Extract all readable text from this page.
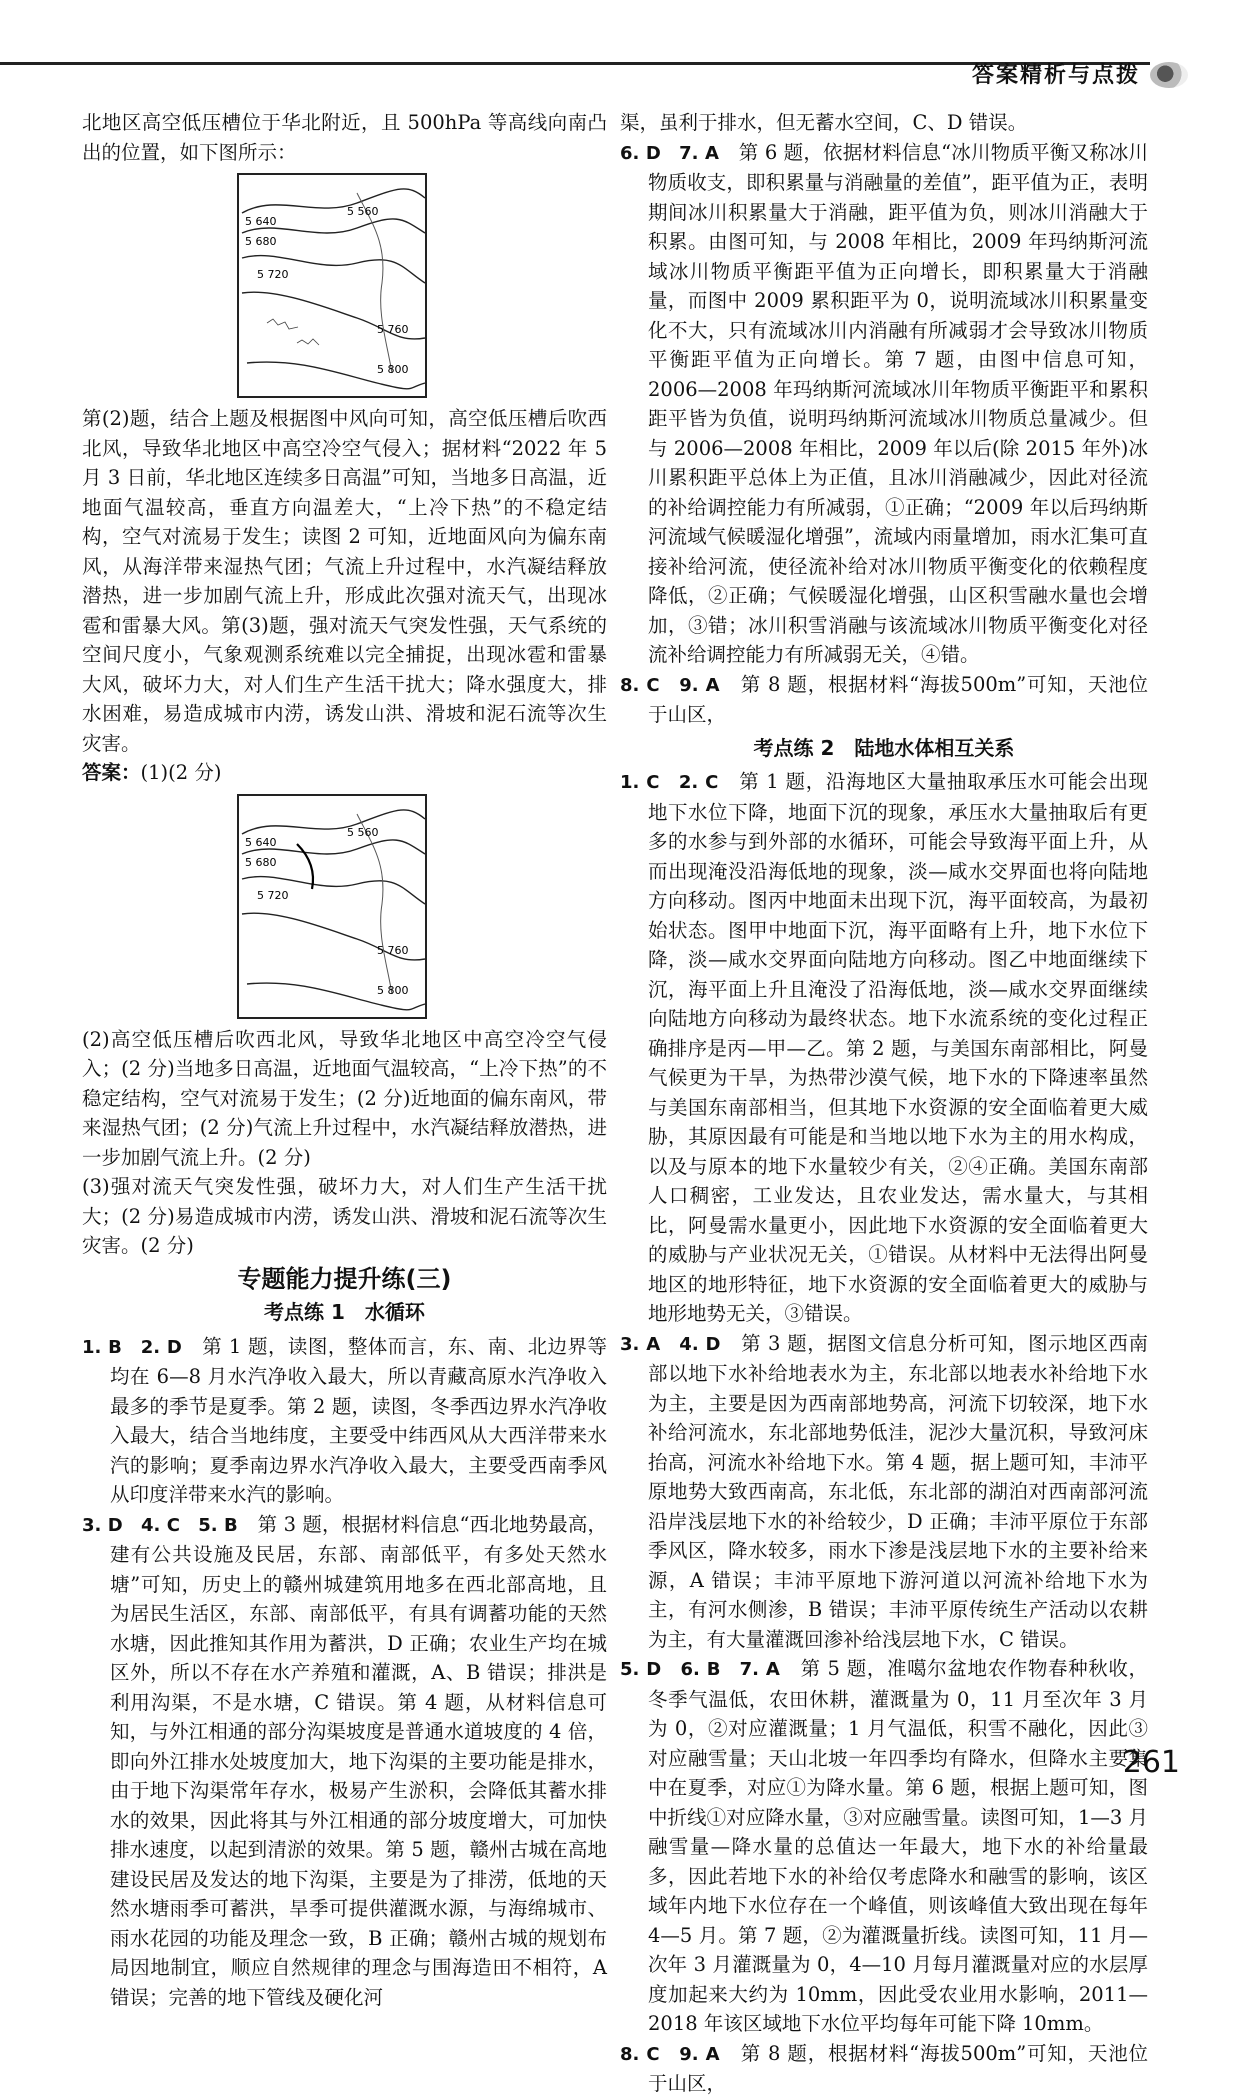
答案精析与点拨

北地区高空低压槽位于华北附近，且 500hPa 等高线向南凸出的位置，如下图所示：

5 640
5 680
5 560
5 720
5 760
5 800

第(2)题，结合上题及根据图中风向可知，高空低压槽后吹西北风，导致华北地区中高空冷空气侵入；据材料“2022 年 5 月 3 日前，华北地区连续多日高温”可知，当地多日高温，近地面气温较高，垂直方向温差大，“上冷下热”的不稳定结构，空气对流易于发生；读图 2 可知，近地面风向为偏东南风，从海洋带来湿热气团；气流上升过程中，水汽凝结释放潜热，进一步加剧气流上升，形成此次强对流天气，出现冰雹和雷暴大风。第(3)题，强对流天气突发性强，天气系统的空间尺度小，气象观测系统难以完全捕捉，出现冰雹和雷暴大风，破坏力大，对人们生产生活干扰大；降水强度大，排水困难，易造成城市内涝，诱发山洪、滑坡和泥石流等次生灾害。

答案：(1)(2 分)

5 640
5 680
5 560
5 720
5 760
5 800

(2)高空低压槽后吹西北风，导致华北地区中高空冷空气侵入；(2 分)当地多日高温，近地面气温较高，“上冷下热”的不稳定结构，空气对流易于发生；(2 分)近地面的偏东南风，带来湿热气团；(2 分)气流上升过程中，水汽凝结释放潜热，进一步加剧气流上升。(2 分)

(3)强对流天气突发性强，破坏力大，对人们生产生活干扰大；(2 分)易造成城市内涝，诱发山洪、滑坡和泥石流等次生灾害。(2 分)

专题能力提升练(三)

考点练 1　水循环

1. B　2. D　 第 1 题，读图，整体而言，东、南、北边界等均在 6—8 月水汽净收入最大，所以青藏高原水汽净收入最多的季节是夏季。第 2 题，读图，冬季西边界水汽净收入最大，结合当地纬度，主要受中纬西风从大西洋带来水汽的影响；夏季南边界水汽净收入最大，主要受西南季风从印度洋带来水汽的影响。

3. D　4. C　5. B　 第 3 题，根据材料信息“西北地势最高，建有公共设施及民居，东部、南部低平，有多处天然水塘”可知，历史上的赣州城建筑用地多在西北部高地，且为居民生活区，东部、南部低平，有具有调蓄功能的天然水塘，因此推知其作用为蓄洪，D 正确；农业生产均在城区外，所以不存在水产养殖和灌溉，A、B 错误；排洪是利用沟渠，不是水塘，C 错误。第 4 题，从材料信息可知，与外江相通的部分沟渠坡度是普通水道坡度的 4 倍，即向外江排水处坡度加大，地下沟渠的主要功能是排水，由于地下沟渠常年存水，极易产生淤积，会降低其蓄水排水的效果，因此将其与外江相通的部分坡度增大，可加快排水速度，以起到清淤的效果。第 5 题，赣州古城在高地建设民居及发达的地下沟渠，主要是为了排涝，低地的天然水塘雨季可蓄洪，旱季可提供灌溉水源，与海绵城市、雨水花园的功能及理念一致，B 正确；赣州古城的规划布局因地制宜，顺应自然规律的理念与围海造田不相符，A 错误；完善的地下管线及硬化河

渠，虽利于排水，但无蓄水空间，C、D 错误。

6. D　7. A　 第 6 题，依据材料信息“冰川物质平衡又称冰川物质收支，即积累量与消融量的差值”，距平值为正，表明期间冰川积累量大于消融，距平值为负，则冰川消融大于积累。由图可知，与 2008 年相比，2009 年玛纳斯河流域冰川物质平衡距平值为正向增长，即积累量大于消融量，而图中 2009 累积距平为 0，说明流域冰川积累量变化不大，只有流域冰川内消融有所减弱才会导致冰川物质平衡距平值为正向增长。第 7 题，由图中信息可知，2006—2008 年玛纳斯河流域冰川年物质平衡距平和累积距平皆为负值，说明玛纳斯河流域冰川物质总量减少。但与 2006—2008 年相比，2009 年以后(除 2015 年外)冰川累积距平总体上为正值，且冰川消融减少，因此对径流的补给调控能力有所减弱，①正确；“2009 年以后玛纳斯河流域气候暖湿化增强”，流域内雨量增加，雨水汇集可直接补给河流，使径流补给对冰川物质平衡变化的依赖程度降低，②正确；气候暖湿化增强，山区积雪融水量也会增加，③错；冰川积雪消融与该流域冰川物质平衡变化对径流补给调控能力有所减弱无关，④错。

8. C　9. A　 第 8 题，根据材料“海拔500m”可知，天池位于山区，

考点练 2　陆地水体相互关系

1. C　2. C　 第 1 题，沿海地区大量抽取承压水可能会出现地下水位下降，地面下沉的现象，承压水大量抽取后有更多的水参与到外部的水循环，可能会导致海平面上升，从而出现淹没沿海低地的现象，淡—咸水交界面也将向陆地方向移动。图丙中地面未出现下沉，海平面较高，为最初始状态。图甲中地面下沉，海平面略有上升，地下水位下降，淡—咸水交界面向陆地方向移动。图乙中地面继续下沉，海平面上升且淹没了沿海低地，淡—咸水交界面继续向陆地方向移动为最终状态。地下水流系统的变化过程正确排序是丙—甲—乙。第 2 题，与美国东南部相比，阿曼气候更为干旱，为热带沙漠气候，地下水的下降速率虽然与美国东南部相当，但其地下水资源的安全面临着更大威胁，其原因最有可能是和当地以地下水为主的用水构成，以及与原本的地下水量较少有关，②④正确。美国东南部人口稠密，工业发达，且农业发达，需水量大，与其相比，阿曼需水量更小，因此地下水资源的安全面临着更大的威胁与产业状况无关，①错误。从材料中无法得出阿曼地区的地形特征，地下水资源的安全面临着更大的威胁与地形地势无关，③错误。

3. A　4. D　 第 3 题，据图文信息分析可知，图示地区西南部以地下水补给地表水为主，东北部以地表水补给地下水为主，主要是因为西南部地势高，河流下切较深，地下水补给河流水，东北部地势低洼，泥沙大量沉积，导致河床抬高，河流水补给地下水。第 4 题，据上题可知，丰沛平原地势大致西南高，东北低，东北部的湖泊对西南部河流沿岸浅层地下水的补给较少，D 正确；丰沛平原位于东部季风区，降水较多，雨水下渗是浅层地下水的主要补给来源，A 错误；丰沛平原地下游河道以河流补给地下水为主，有河水侧渗，B 错误；丰沛平原传统生产活动以农耕为主，有大量灌溉回渗补给浅层地下水，C 错误。

5. D　6. B　7. A　 第 5 题，准噶尔盆地农作物春种秋收，冬季气温低，农田休耕，灌溉量为 0，11 月至次年 3 月为 0，②对应灌溉量；1 月气温低，积雪不融化，因此③对应融雪量；天山北坡一年四季均有降水，但降水主要集中在夏季，对应①为降水量。第 6 题，根据上题可知，图中折线①对应降水量，③对应融雪量。读图可知，1—3 月融雪量—降水量的总值达一年最大，地下水的补给量最多，因此若地下水的补给仅考虑降水和融雪的影响，该区域年内地下水位存在一个峰值，则该峰值大致出现在每年 4—5 月。第 7 题，②为灌溉量折线。读图可知，11 月—次年 3 月灌溉量为 0，4—10 月每月灌溉量对应的水层厚度加起来大约为 10mm，因此受农业用水影响，2011—2018 年该区域地下水位平均每年可能下降 10mm。

8. C　9. A　 第 8 题，根据材料“海拔500m”可知，天池位于山区，

261
